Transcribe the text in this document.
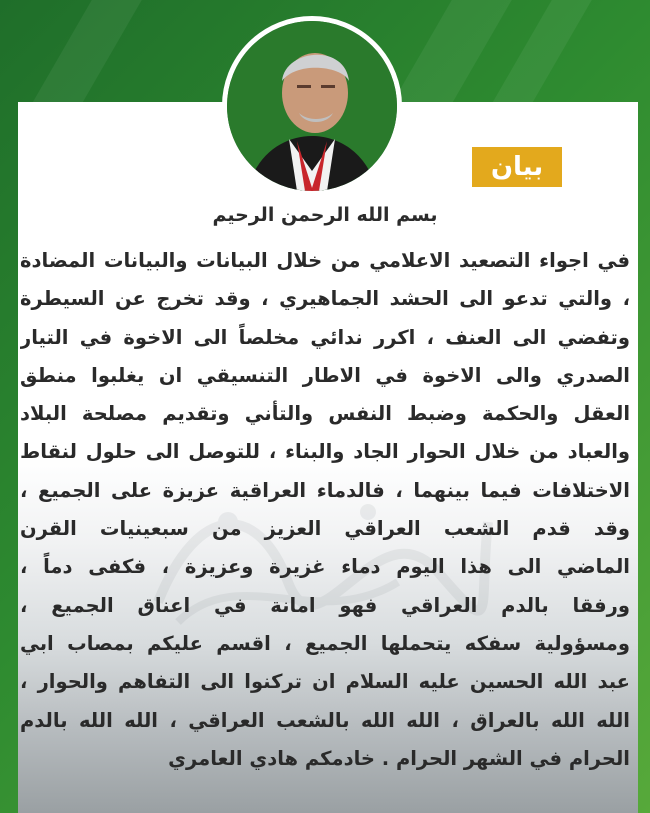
بيان
بسم الله الرحمن الرحيم
في اجواء التصعيد الاعلامي من خلال البيانات والبيانات المضادة
، والتي تدعو الى الحشد الجماهيري ، وقد تخرج عن السيطرة
وتفضي الى العنف ، اكرر ندائي مخلصاً الى الاخوة في التيار
الصدري والى الاخوة في الاطار التنسيقي ان يغلبوا منطق
العقل والحكمة وضبط النفس والتأني وتقديم مصلحة البلاد
والعباد من خلال الحوار الجاد والبناء ، للتوصل الى حلول لنقاط
الاختلافات فيما بينهما ، فالدماء العراقية عزيزة على الجميع ،
وقد قدم الشعب العراقي العزيز من سبعينيات القرن
الماضي الى هذا اليوم دماء غزيرة وعزيزة ، فكفى دماً ،
ورفقا بالدم العراقي فهو امانة في اعناق الجميع ،
ومسؤولية سفكه يتحملها الجميع ، اقسم عليكم بمصاب ابي
عبد الله الحسين عليه السلام ان تركنوا الى التفاهم والحوار ،
الله الله بالعراق ، الله الله بالشعب العراقي ، الله الله بالدم
الحرام في الشهر الحرام . خادمكم هادي العامري
